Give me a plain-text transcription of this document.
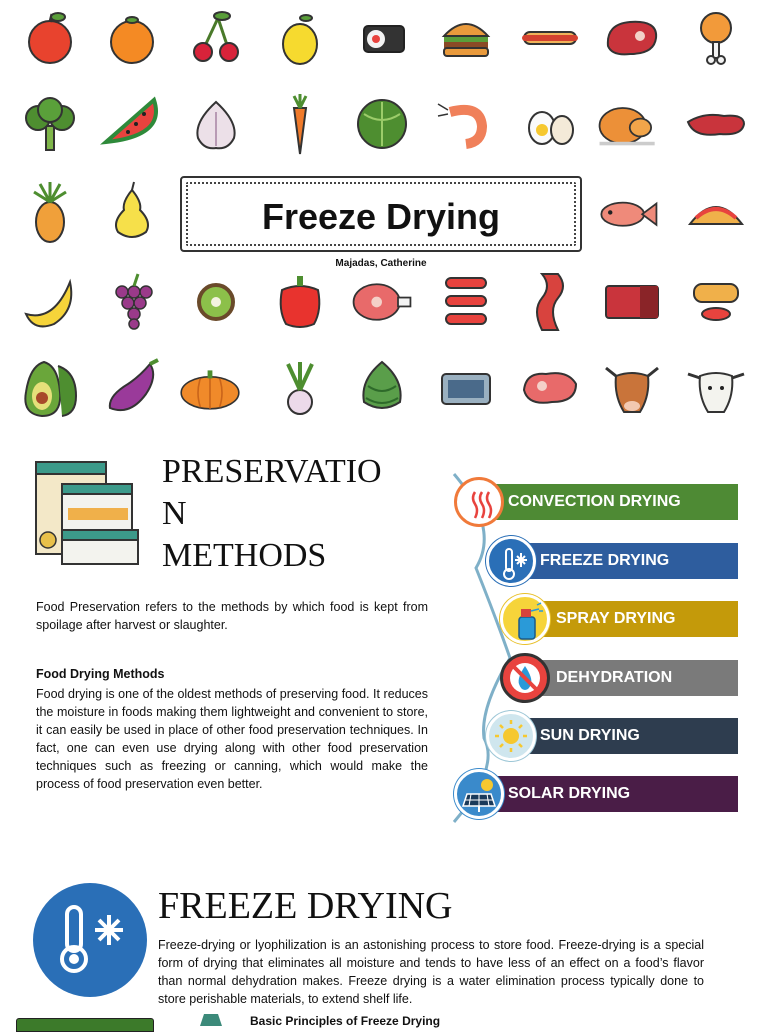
Freeze Drying
Majadas, Catherine
PRESERVATIO
N
METHODS
Food Preservation refers to the methods by which food is kept from spoilage after harvest or slaughter.
Food Drying Methods
Food drying is one of the oldest methods of preserving food. It reduces the moisture in foods making them lightweight and convenient to store, it can easily be used in place of other food preservation techniques. In fact, one can even use drying along with other food preservation techniques such as freezing or canning, which would make the process of food preservation even better.
CONVECTION DRYING
FREEZE DRYING
SPRAY DRYING
DEHYDRATION
SUN DRYING
SOLAR DRYING
FREEZE DRYING
Freeze-drying or lyophilization is an astonishing process to store food. Freeze-drying is a special form of drying that eliminates all moisture and tends to have less of an effect on a food’s flavor than normal dehydration makes. Freeze drying is a water elimination process typically done to store perishable materials, to extend shelf life.
Basic Principles of Freeze Drying
